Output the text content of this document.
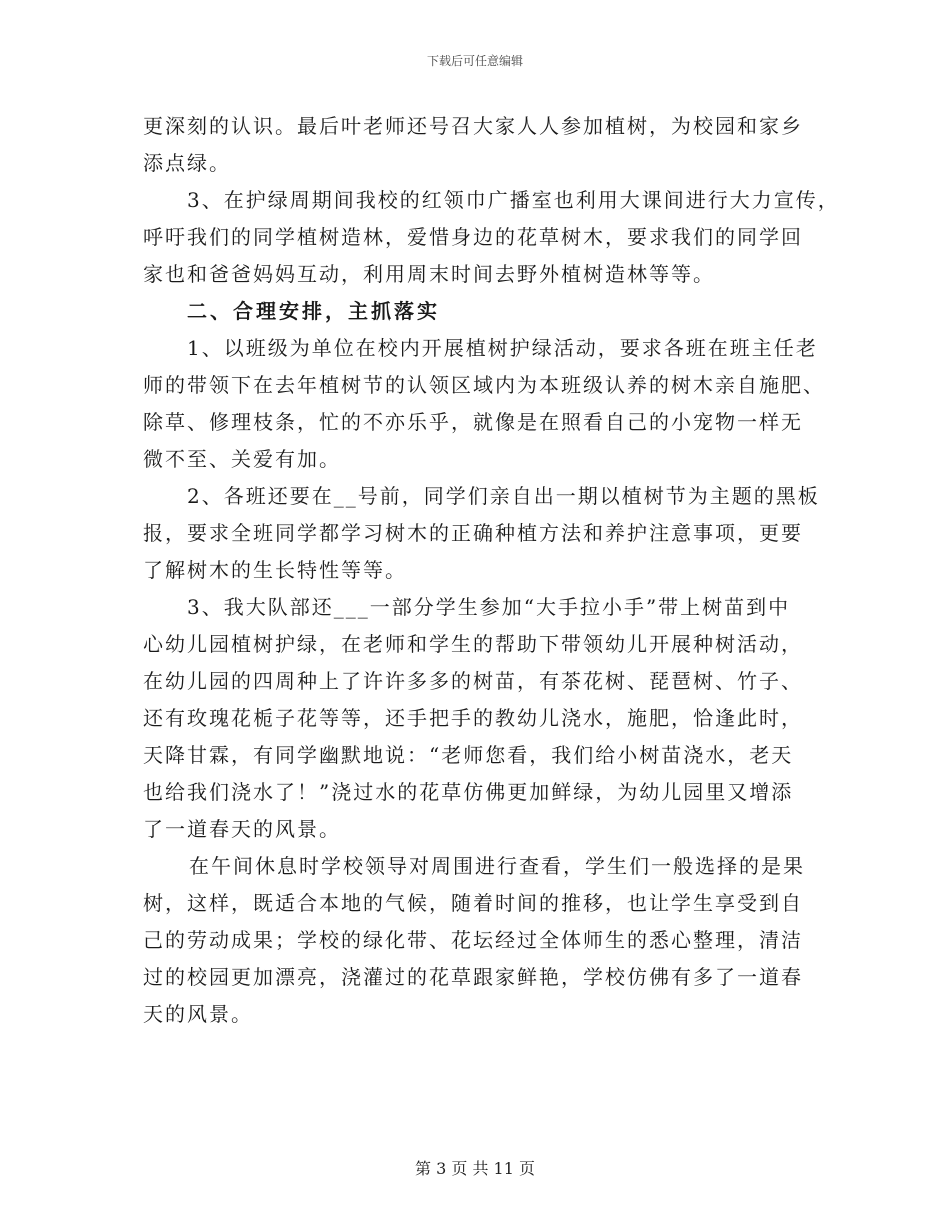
下载后可任意编辑
更深刻的认识。最后叶老师还号召大家人人参加植树，为校园和家乡
添点绿。
3、在护绿周期间我校的红领巾广播室也利用大课间进行大力宣传，
呼吁我们的同学植树造林，爱惜身边的花草树木，要求我们的同学回
家也和爸爸妈妈互动，利用周末时间去野外植树造林等等。
二、合理安排，主抓落实
1、以班级为单位在校内开展植树护绿活动，要求各班在班主任老
师的带领下在去年植树节的认领区域内为本班级认养的树木亲自施肥、
除草、修理枝条，忙的不亦乐乎，就像是在照看自己的小宠物一样无
微不至、关爱有加。
2、各班还要在__号前，同学们亲自出一期以植树节为主题的黑板
报，要求全班同学都学习树木的正确种植方法和养护注意事项，更要
了解树木的生长特性等等。
3、我大队部还___一部分学生参加“大手拉小手”带上树苗到中
心幼儿园植树护绿，在老师和学生的帮助下带领幼儿开展种树活动，
在幼儿园的四周种上了许许多多的树苗，有茶花树、琵琶树、竹子、
还有玫瑰花栀子花等等，还手把手的教幼儿浇水，施肥，恰逢此时，
天降甘霖，有同学幽默地说：“老师您看，我们给小树苗浇水，老天
也给我们浇水了！”浇过水的花草仿佛更加鲜绿，为幼儿园里又增添
了一道春天的风景。
在午间休息时学校领导对周围进行查看，学生们一般选择的是果
树，这样，既适合本地的气候，随着时间的推移，也让学生享受到自
己的劳动成果；学校的绿化带、花坛经过全体师生的悉心整理，清洁
过的校园更加漂亮，浇灌过的花草跟家鲜艳，学校仿佛有多了一道春
天的风景。
第 3 页 共 11 页
